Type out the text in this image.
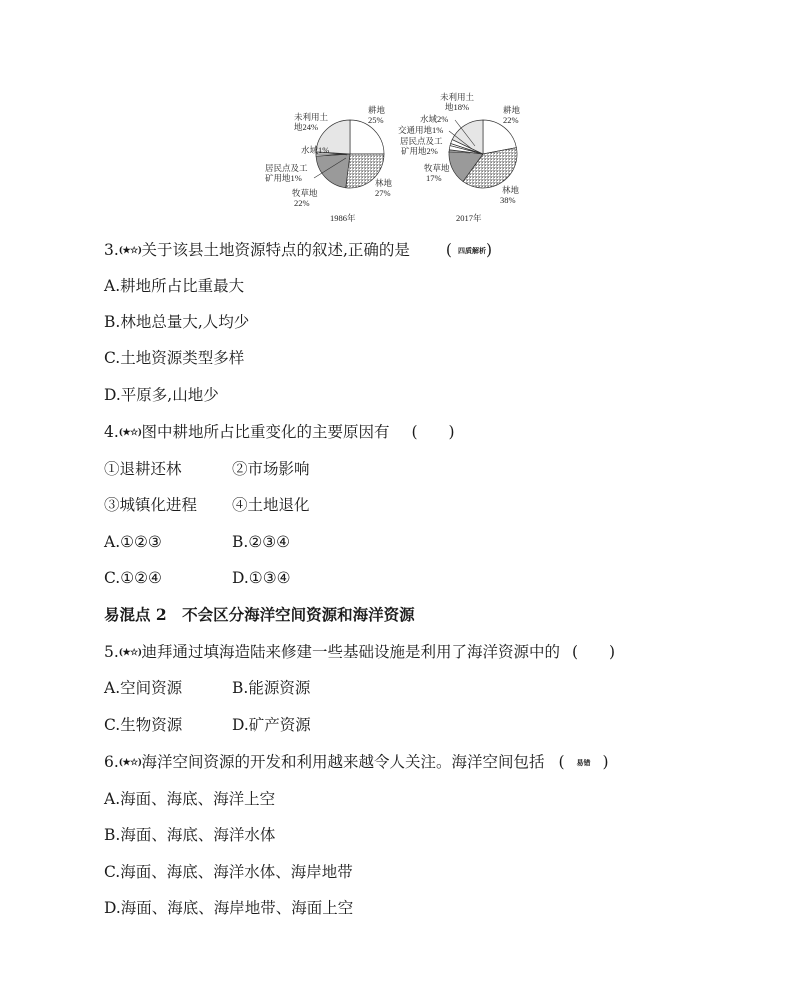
未利用土
地24%
耕地
25%
水域1%
居民点及工
矿用地1%
牧草地
22%
林地
27%
1986年
未利用土
地18%	耕地
22%
水域2%
交通用地1%
居民点及工
矿用地2%
牧草地
17%
林地
38%
2017年
3.(★☆)关于该县土地资源特点的叙述,正确的是 ( 四质解析)
A.耕地所占比重最大
B.林地总量大,人均少
C.土地资源类型多样
D.平原多,山地少
4.(★☆)图中耕地所占比重变化的主要原因有 (　　)
①退耕还林	②市场影响
③城镇化进程 ④土地退化
A.①②③	B.②③④
C.①②④	D.①③④
易混点 2　不会区分海洋空间资源和海洋资源
5.(★☆)迪拜通过填海造陆来修建一些基础设施是利用了海洋资源中的 (　　)
A.空间资源	B.能源资源
C.生物资源	D.矿产资源
6.(★☆)海洋空间资源的开发和利用越来越令人关注。海洋空间包括 ( 易错 )
A.海面、海底、海洋上空
B.海面、海底、海洋水体
C.海面、海底、海洋水体、海岸地带
D.海面、海底、海岸地带、海面上空
